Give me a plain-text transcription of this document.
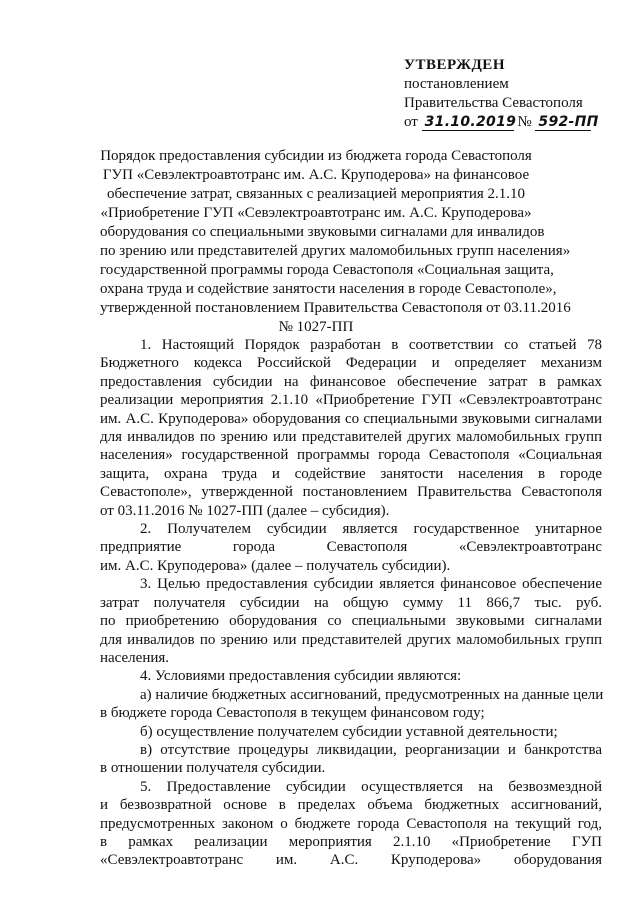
УТВЕРЖДЕН
постановлением
Правительства Севастополя
от 31.10.2019 № 592-ПП
Порядок предоставления субсидии из бюджета города Севастополя
ГУП «Севэлектроавтотранс им. А.С. Круподерова» на финансовое
обеспечение затрат, связанных с реализацией мероприятия 2.1.10
«Приобретение ГУП «Севэлектроавтотранс им. А.С. Круподерова»
оборудования со специальными звуковыми сигналами для инвалидов
по зрению или представителей других маломобильных групп населения»
государственной программы города Севастополя «Социальная защита,
охрана труда и содействие занятости населения в городе Севастополе»,
утвержденной постановлением Правительства Севастополя от 03.11.2016
№ 1027-ПП
1. Настоящий Порядок разработан в соответствии со статьей 78
Бюджетного кодекса Российской Федерации и определяет механизм
предоставления субсидии на финансовое обеспечение затрат в рамках
реализации мероприятия 2.1.10 «Приобретение ГУП «Севэлектроавтотранс
им. А.С. Круподерова» оборудования со специальными звуковыми сигналами
для инвалидов по зрению или представителей других маломобильных групп
населения» государственной программы города Севастополя «Социальная
защита, охрана труда и содействие занятости населения в городе
Севастополе», утвержденной постановлением Правительства Севастополя
от 03.11.2016 № 1027-ПП (далее – субсидия).
2. Получателем субсидии является государственное унитарное
предприятие города Севастополя «Севэлектроавтотранс
им. А.С. Круподерова» (далее – получатель субсидии).
3. Целью предоставления субсидии является финансовое обеспечение
затрат получателя субсидии на общую сумму 11 866,7 тыс. руб.
по приобретению оборудования со специальными звуковыми сигналами
для инвалидов по зрению или представителей других маломобильных групп
населения.
4. Условиями предоставления субсидии являются:
а) наличие бюджетных ассигнований, предусмотренных на данные цели
в бюджете города Севастополя в текущем финансовом году;
б) осуществление получателем субсидии уставной деятельности;
в) отсутствие процедуры ликвидации, реорганизации и банкротства
в отношении получателя субсидии.
5. Предоставление субсидии осуществляется на безвозмездной
и безвозвратной основе в пределах объема бюджетных ассигнований,
предусмотренных законом о бюджете города Севастополя на текущий год,
в рамках реализации мероприятия 2.1.10 «Приобретение ГУП
«Севэлектроавтотранс им. А.С. Круподерова» оборудования
